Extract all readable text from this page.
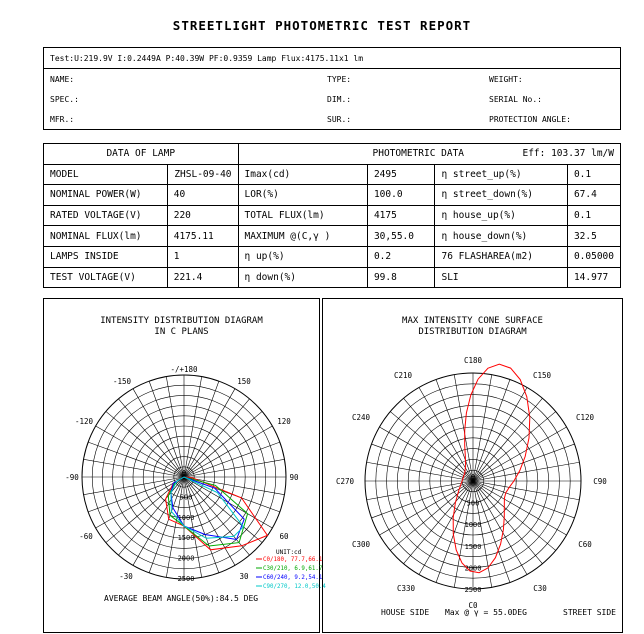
STREETLIGHT PHOTOMETRIC TEST REPORT
Test:U:219.9V I:0.2449A P:40.39W PF:0.9359 Lamp Flux:4175.11x1 lm		
NAME:	TYPE:	WEIGHT:
SPEC.:	DIM.:	SERIAL No.:
MFR.:	SUR.:	PROTECTION ANGLE:
DATA OF LAMP		PHOTOMETRIC DATA Eff: 103.37 lm/W			

MODEL	ZHSL-09-40	Imax(cd)	2495	η street_up(%)	0.1
NOMINAL POWER(W)	40	LOR(%)	100.0	η street_down(%)	67.4
RATED VOLTAGE(V)	220	TOTAL FLUX(lm)	4175	η house_up(%)	0.1
NOMINAL FLUX(lm)	4175.11	MAXIMUM @(C,γ )	30,55.0	η house_down(%)	32.5
LAMPS INSIDE	1	η up(%)	0.2	76 FLASHAREA(m2)	0.05000
TEST VOLTAGE(V)	221.4	η down(%)	99.8	SLI	14.977
INTENSITY DISTRIBUTION DIAGRAM
IN C PLANS
-/+180
150
120
90
60
30
-30
-60
-90
-120
-150
500
1000
1500
2000
2500
0
UNIT:cd
C0/180, 77.7,66.1
C30/210, 6.9,61.7
C60/240, 9.2,54.1
C90/270, 12.0,50.4
AVERAGE BEAM ANGLE(50%):84.5 DEG
MAX INTENSITY CONE SURFACE
DISTRIBUTION DIAGRAM
C180
C150
C120
C90
C60
C30
C0
C330
C300
C270
C240
C210
500
1000
1500
2000
2500
0
HOUSE SIDE Max @ γ = 55.0DEG	STREET SIDE
